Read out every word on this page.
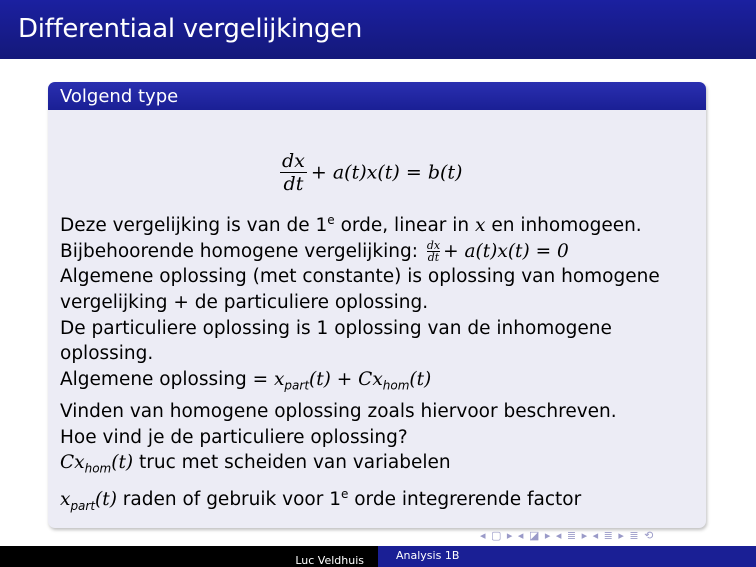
Differentiaal vergelijkingen
Volgend type
$\frac{dx}{dt} + a(t)x(t) = b(t)$
Deze vergelijking is van de 1e orde, linear in x en inhomogeen.
Bijbehoorende homogene vergelijking: $\frac{dx}{dt} + a(t)x(t) = 0$
Algemene oplossing (met constante) is oplossing van homogene
vergelijking + de particuliere oplossing.
De particuliere oplossing is 1 oplossing van de inhomogene
oplossing.
Algemene oplossing = $x_{part}(t) + Cx_{hom}(t)$
Vinden van homogene oplossing zoals hiervoor beschreven.
Hoe vind je de particuliere oplossing?
$Cx_{hom}(t)$ truc met scheiden van variabelen
$x_{part}(t)$ raden of gebruik voor 1e orde integrerende factor
◂ ▢ ▸ ◂ ◪ ▸ ◂ ≣ ▸ ◂ ≣ ▸ ≣ ⟲
Luc Veldhuis	Analysis 1B
